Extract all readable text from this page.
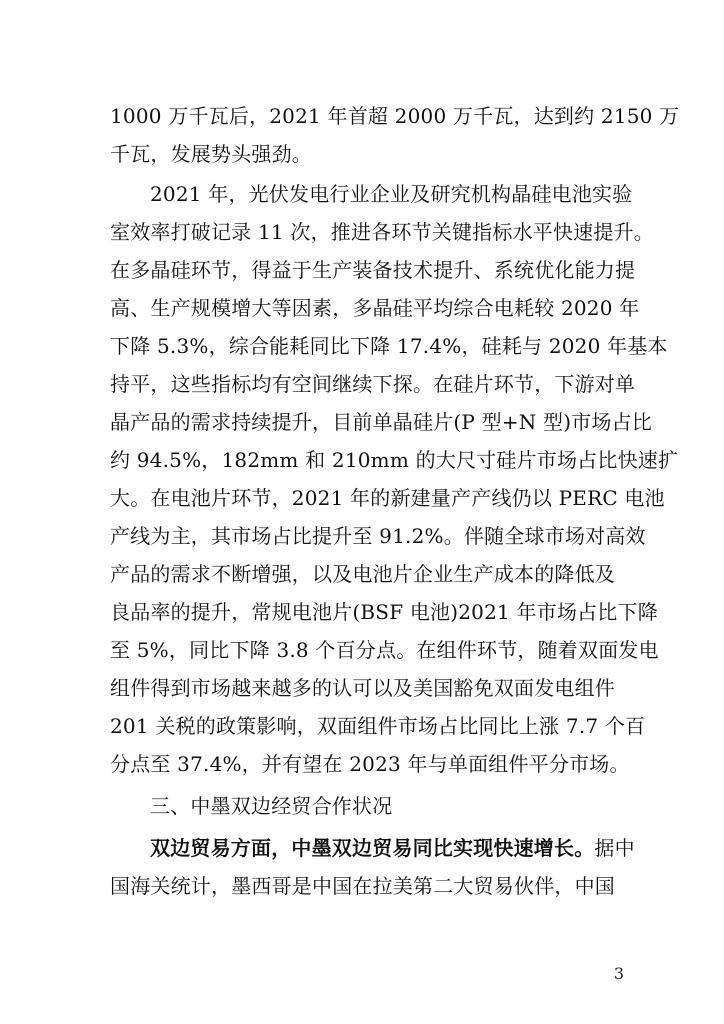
1000 万千瓦后，2021 年首超 2000 万千瓦，达到约 2150 万
千瓦，发展势头强劲。
2021 年，光伏发电行业企业及研究机构晶硅电池实验
室效率打破记录 11 次，推进各环节关键指标水平快速提升。
在多晶硅环节，得益于生产装备技术提升、系统优化能力提
高、生产规模增大等因素，多晶硅平均综合电耗较 2020 年
下降 5.3%，综合能耗同比下降 17.4%，硅耗与 2020 年基本
持平，这些指标均有空间继续下探。在硅片环节，下游对单
晶产品的需求持续提升，目前单晶硅片(P 型+N 型)市场占比
约 94.5%，182mm 和 210mm 的大尺寸硅片市场占比快速扩
大。在电池片环节，2021 年的新建量产产线仍以 PERC 电池
产线为主，其市场占比提升至 91.2%。伴随全球市场对高效
产品的需求不断增强，以及电池片企业生产成本的降低及
良品率的提升，常规电池片(BSF 电池)2021 年市场占比下降
至 5%，同比下降 3.8 个百分点。在组件环节，随着双面发电
组件得到市场越来越多的认可以及美国豁免双面发电组件
201 关税的政策影响，双面组件市场占比同比上涨 7.7 个百
分点至 37.4%，并有望在 2023 年与单面组件平分市场。
三、中墨双边经贸合作状况
双边贸易方面，中墨双边贸易同比实现快速增长。据中
国海关统计，墨西哥是中国在拉美第二大贸易伙伴，中国
3
